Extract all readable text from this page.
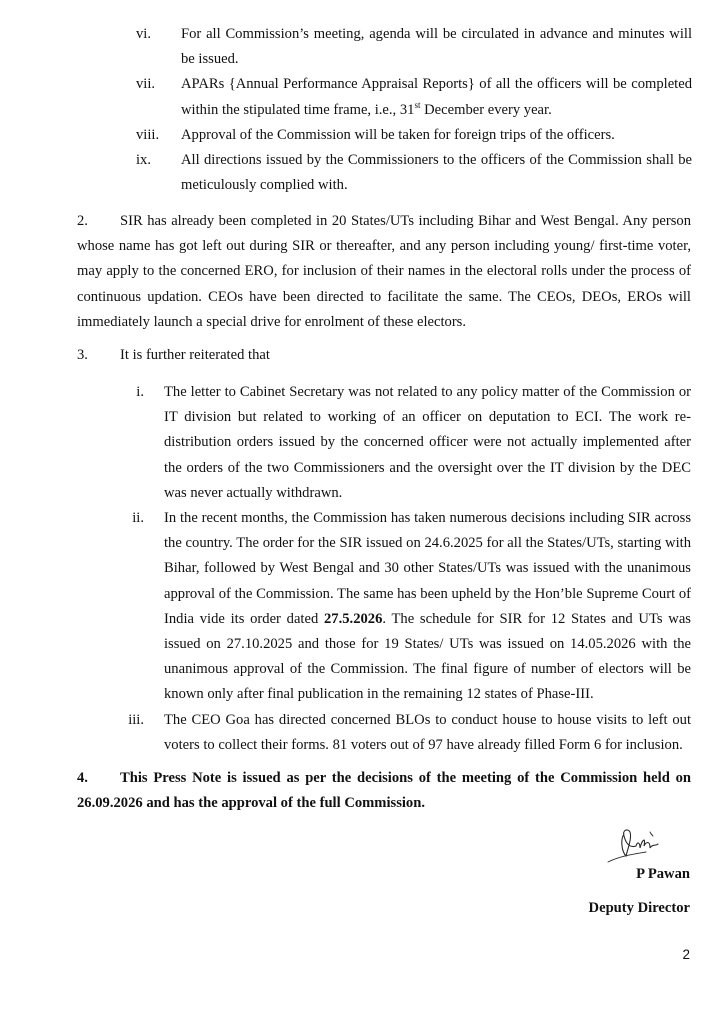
vi. For all Commission’s meeting, agenda will be circulated in advance and minutes will be issued.
vii. APARs {Annual Performance Appraisal Reports} of all the officers will be completed within the stipulated time frame, i.e., 31st December every year.
viii. Approval of the Commission will be taken for foreign trips of the officers.
ix. All directions issued by the Commissioners to the officers of the Commission shall be meticulously complied with.

2. SIR has already been completed in 20 States/UTs including Bihar and West Bengal. Any person whose name has got left out during SIR or thereafter, and any person including young/ first-time voter, may apply to the concerned ERO, for inclusion of their names in the electoral rolls under the process of continuous updation. CEOs have been directed to facilitate the same. The CEOs, DEOs, EROs will immediately launch a special drive for enrolment of these electors.

3. It is further reiterated that

i. The letter to Cabinet Secretary was not related to any policy matter of the Commission or IT division but related to working of an officer on deputation to ECI. The work re-distribution orders issued by the concerned officer were not actually implemented after the orders of the two Commissioners and the oversight over the IT division by the DEC was never actually withdrawn.
ii. In the recent months, the Commission has taken numerous decisions including SIR across the country. The order for the SIR issued on 24.6.2025 for all the States/UTs, starting with Bihar, followed by West Bengal and 30 other States/UTs was issued with the unanimous approval of the Commission. The same has been upheld by the Hon’ble Supreme Court of India vide its order dated 27.5.2026. The schedule for SIR for 12 States and UTs was issued on 27.10.2025 and those for 19 States/ UTs was issued on 14.05.2026 with the unanimous approval of the Commission. The final figure of number of electors will be known only after final publication in the remaining 12 states of Phase-III.
iii. The CEO Goa has directed concerned BLOs to conduct house to house visits to left out voters to collect their forms. 81 voters out of 97 have already filled Form 6 for inclusion.

4. This Press Note is issued as per the decisions of the meeting of the Commission held on 26.09.2026 and has the approval of the full Commission.

P Pawan
Deputy Director
2
